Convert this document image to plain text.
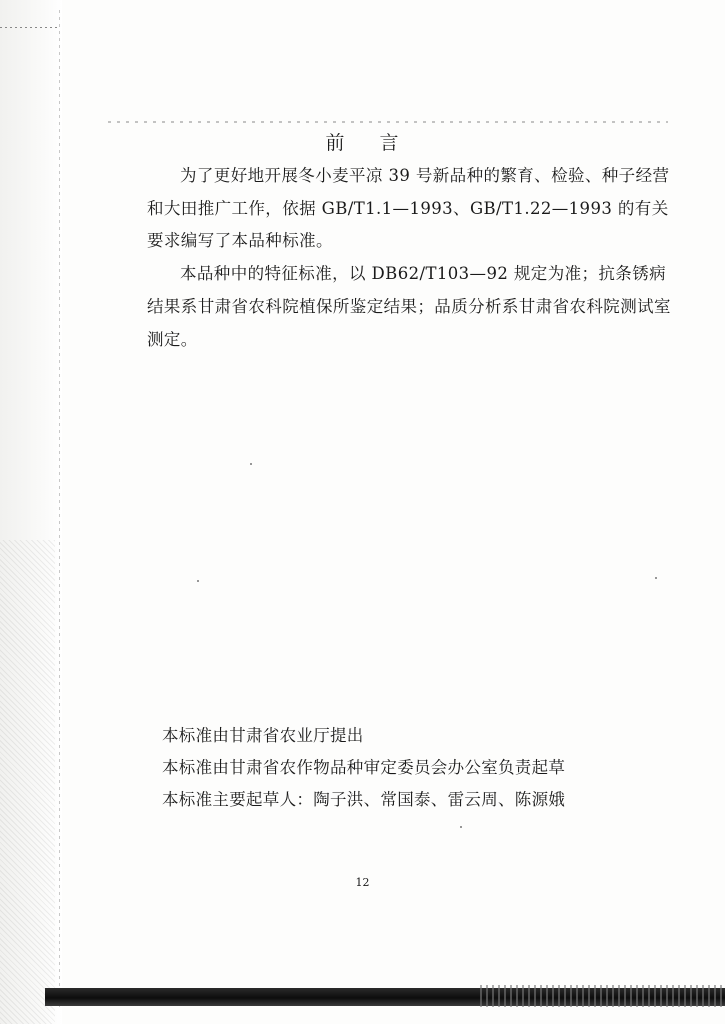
前 言

为了更好地开展冬小麦平凉 39 号新品种的繁育、检验、种子经营和大田推广工作，依据 GB/T1.1—1993、GB/T1.22—1993 的有关要求编写了本品种标准。

本品种中的特征标准，以 DB62/T103—92 规定为准；抗条锈病结果系甘肃省农科院植保所鉴定结果；品质分析系甘肃省农科院测试室测定。

本标准由甘肃省农业厅提出
本标准由甘肃省农作物品种审定委员会办公室负责起草
本标准主要起草人：陶子洪、常国泰、雷云周、陈源娥
12
